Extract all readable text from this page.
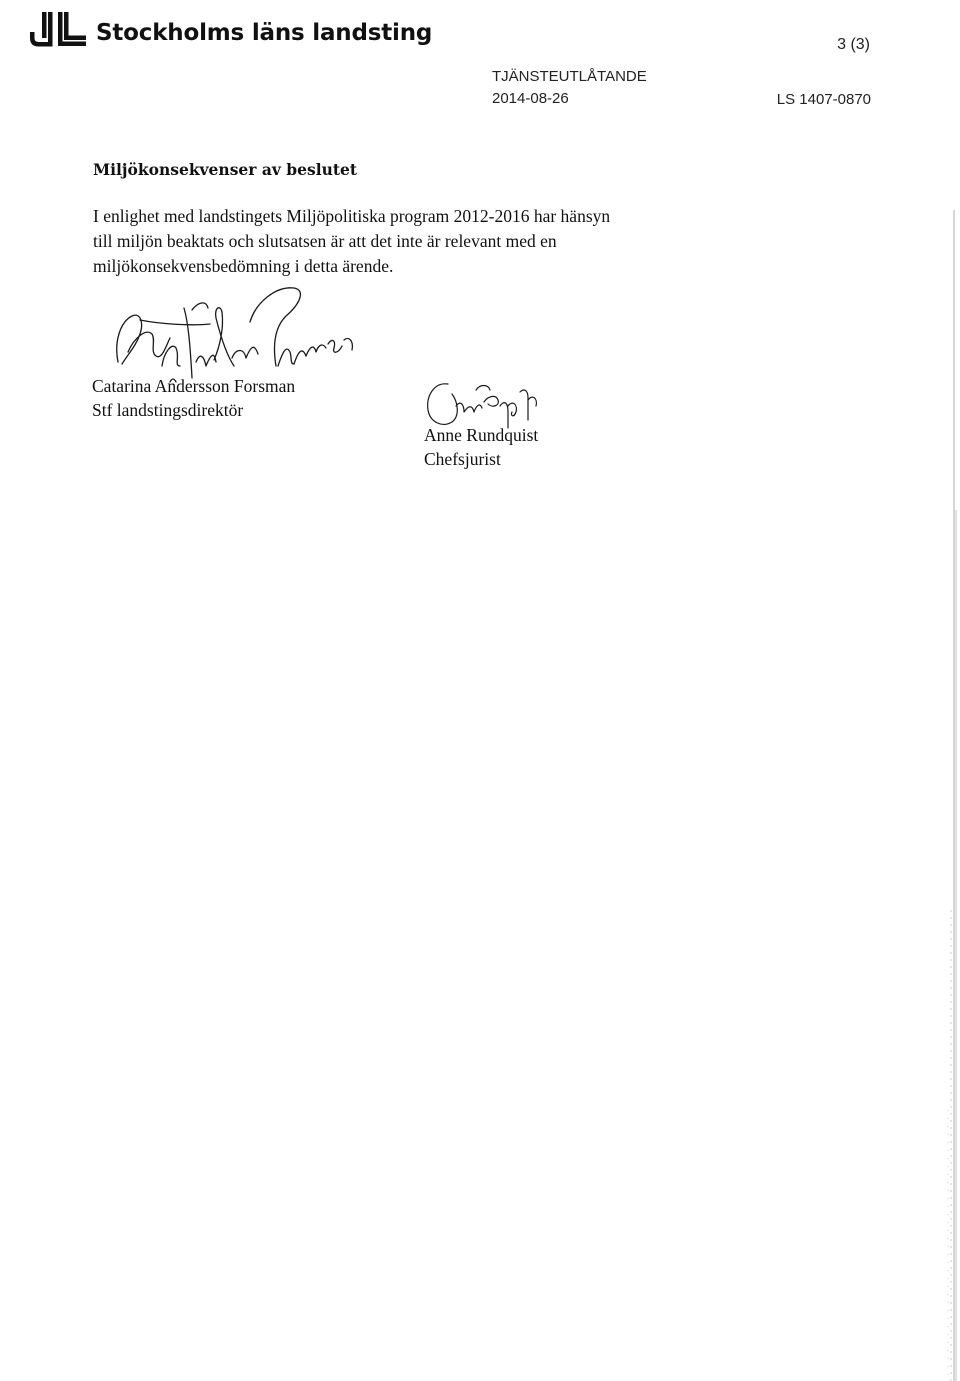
Stockholms läns landsting	3 (3)
TJÄNSTEUTLÅTANDE
2014-08-26	LS 1407-0870
Miljökonsekvenser av beslutet
I enlighet med landstingets Miljöpolitiska program 2012-2016 har hänsyn
till miljön beaktats och slutsatsen är att det inte är relevant med en
miljökonsekvensbedömning i detta ärende.
Catarina Andersson Forsman
Stf landstingsdirektör
Anne Rundquist
Chefsjurist
